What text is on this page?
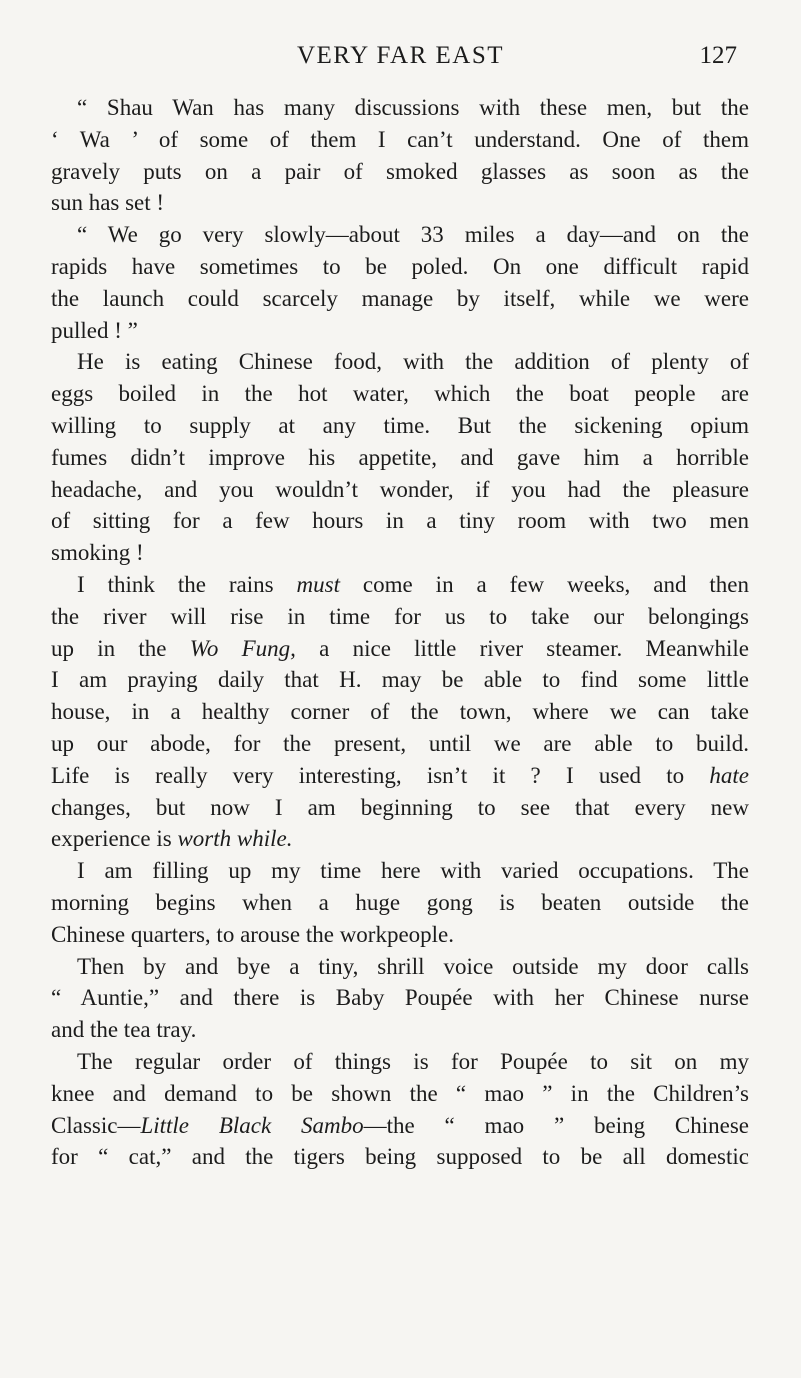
VERY FAR EAST	127
“ Shau Wan has many discussions with these men, but the
‘ Wa ’ of some of them I can’t understand. One of them
gravely puts on a pair of smoked glasses as soon as the
sun has set !
“ We go very slowly—about 33 miles a day—and on the
rapids have sometimes to be poled. On one difficult rapid
the launch could scarcely manage by itself, while we were
pulled ! ”
He is eating Chinese food, with the addition of plenty of
eggs boiled in the hot water, which the boat people are
willing to supply at any time. But the sickening opium
fumes didn’t improve his appetite, and gave him a horrible
headache, and you wouldn’t wonder, if you had the pleasure
of sitting for a few hours in a tiny room with two men
smoking !
I think the rains must come in a few weeks, and then
the river will rise in time for us to take our belongings
up in the Wo Fung, a nice little river steamer. Meanwhile
I am praying daily that H. may be able to find some little
house, in a healthy corner of the town, where we can take
up our abode, for the present, until we are able to build.
Life is really very interesting, isn’t it ? I used to hate
changes, but now I am beginning to see that every new
experience is worth while.
I am filling up my time here with varied occupations. The
morning begins when a huge gong is beaten outside the
Chinese quarters, to arouse the workpeople.
Then by and bye a tiny, shrill voice outside my door calls
“ Auntie,” and there is Baby Poupée with her Chinese nurse
and the tea tray.
The regular order of things is for Poupée to sit on my
knee and demand to be shown the “ mao ” in the Children’s
Classic—Little Black Sambo—the “ mao ” being Chinese
for “ cat,” and the tigers being supposed to be all domestic
